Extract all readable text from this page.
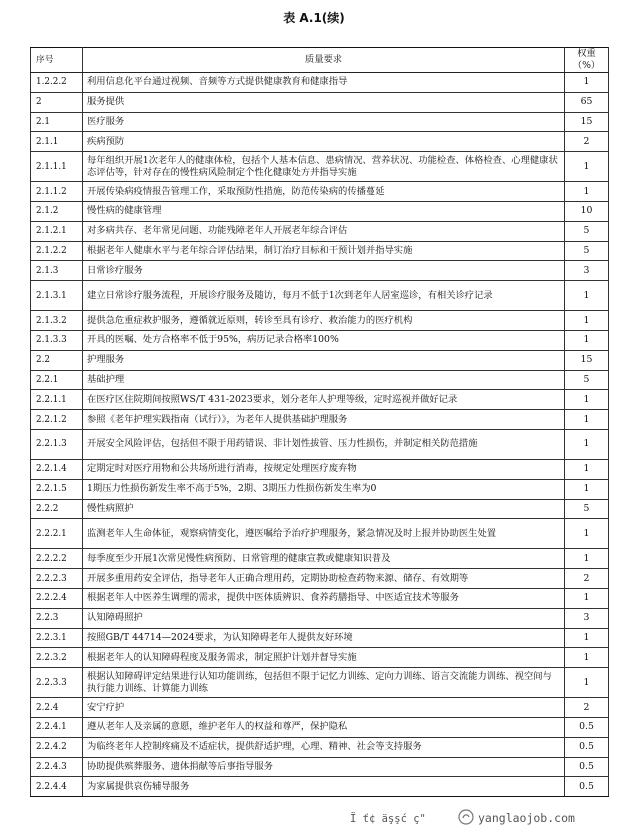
表 A.1(续)
序号	质量要求	权重（%）
1.2.2.2	利用信息化平台通过视频、音频等方式提供健康教育和健康指导	1
2	服务提供	65
2.1	医疗服务	15
2.1.1	疾病预防	2
2.1.1.1	每年组织开展1次老年人的健康体检，包括个人基本信息、患病情况、营养状况、功能检查、体格检查、心理健康状态评估等，针对存在的慢性病风险制定个性化健康处方并指导实施	1
2.1.1.2	开展传染病疫情报告管理工作，采取预防性措施，防范传染病的传播蔓延	1
2.1.2	慢性病的健康管理	10
2.1.2.1	对多病共存、老年常见问题、功能残障老年人开展老年综合评估	5
2.1.2.2	根据老年人健康水平与老年综合评估结果，制订治疗目标和干预计划并指导实施	5
2.1.3	日常诊疗服务	3
2.1.3.1	建立日常诊疗服务流程，开展诊疗服务及随访，每月不低于1次到老年人居室巡诊，有相关诊疗记录	1
2.1.3.2	提供急危重症救护服务，遵循就近原则，转诊至具有诊疗、救治能力的医疗机构	1
2.1.3.3	开具的医嘱、处方合格率不低于95%，病历记录合格率100%	1
2.2	护理服务	15
2.2.1	基础护理	5
2.2.1.1	在医疗区住院期间按照WS/T 431-2023要求，划分老年人护理等级，定时巡视并做好记录	1
2.2.1.2	参照《老年护理实践指南（试行）》，为老年人提供基础护理服务	1
2.2.1.3	开展安全风险评估，包括但不限于用药错误、非计划性拔管、压力性损伤，并制定相关防范措施	1
2.2.1.4	定期定时对医疗用物和公共场所进行消毒，按规定处理医疗废弃物	1
2.2.1.5	1期压力性损伤新发生率不高于5%，2期、3期压力性损伤新发生率为0	1
2.2.2	慢性病照护	5
2.2.2.1	监测老年人生命体征，观察病情变化，遵医嘱给予治疗护理服务，紧急情况及时上报并协助医生处置	1
2.2.2.2	每季度至少开展1次常见慢性病预防、日常管理的健康宣教或健康知识普及	1
2.2.2.3	开展多重用药安全评估，指导老年人正确合理用药，定期协助检查药物来源、储存、有效期等	2
2.2.2.4	根据老年人中医养生调理的需求，提供中医体质辨识、食养药膳指导、中医适宜技术等服务	1
2.2.3	认知障碍照护	3
2.2.3.1	按照GB/T 44714—2024要求，为认知障碍老年人提供友好环境	1
2.2.3.2	根据老年人的认知障碍程度及服务需求，制定照护计划并督导实施	1
2.2.3.3	根据认知障碍评定结果进行认知功能训练，包括但不限于记忆力训练、定向力训练、语言交流能力训练、视空间与执行能力训练、计算能力训练	1
2.2.4	安宁疗护	2
2.2.4.1	遵从老年人及亲属的意愿，维护老年人的权益和尊严，保护隐私	0.5
2.2.4.2	为临终老年人控制疼痛及不适症状，提供舒适护理，心理、精神、社会等支持服务	0.5
2.2.4.3	协助提供殡葬服务、遗体捐献等后事指导服务	0.5
2.2.4.4	为家属提供哀伤辅导服务	0.5
Ï ť¢ äşşć ç"	yanglaojob.com
